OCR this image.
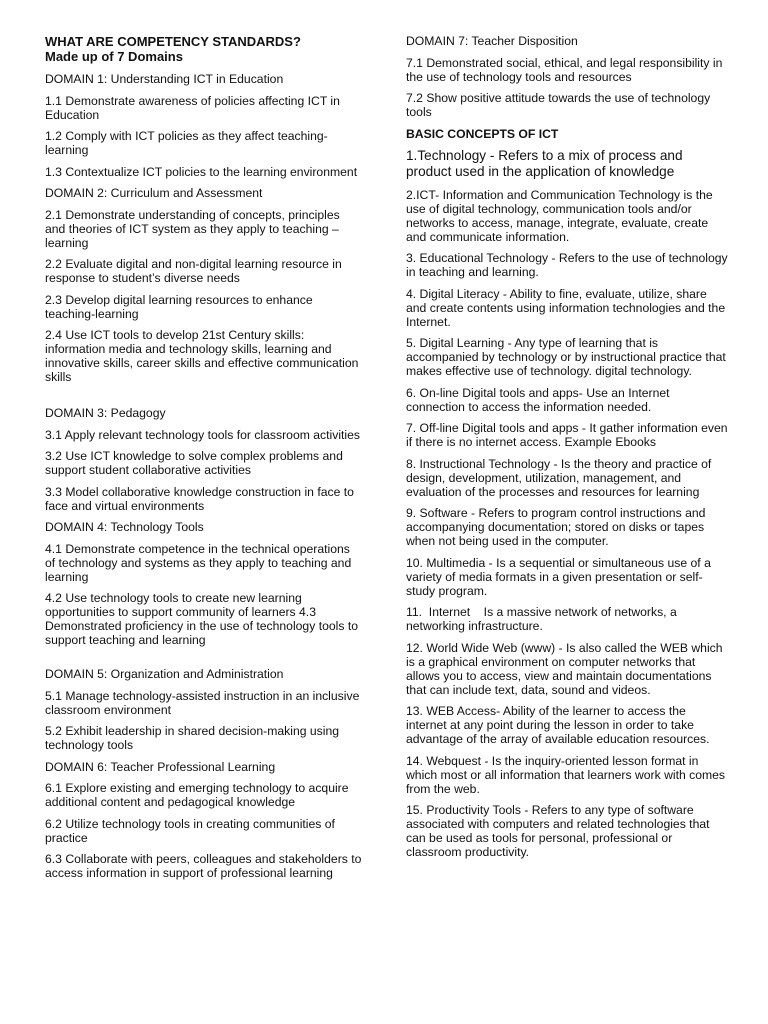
WHAT ARE COMPETENCY STANDARDS?
Made up of 7 Domains

DOMAIN 1: Understanding ICT in Education

1.1 Demonstrate awareness of policies affecting ICT in Education

1.2 Comply with ICT policies as they affect teaching-learning

1.3 Contextualize ICT policies to the learning environment

DOMAIN 2: Curriculum and Assessment

2.1 Demonstrate understanding of concepts, principles and theories of ICT system as they apply to teaching – learning

2.2 Evaluate digital and non-digital learning resource in response to student’s diverse needs

2.3 Develop digital learning resources to enhance teaching-learning

2.4 Use ICT tools to develop 21st Century skills: information media and technology skills, learning and innovative skills, career skills and effective communication skills

DOMAIN 3: Pedagogy

3.1 Apply relevant technology tools for classroom activities

3.2 Use ICT knowledge to solve complex problems and support student collaborative activities

3.3 Model collaborative knowledge construction in face to face and virtual environments

DOMAIN 4: Technology Tools

4.1 Demonstrate competence in the technical operations of technology and systems as they apply to teaching and learning

4.2 Use technology tools to create new learning opportunities to support community of learners 4.3 Demonstrated proficiency in the use of technology tools to support teaching and learning

DOMAIN 5: Organization and Administration

5.1 Manage technology-assisted instruction in an inclusive classroom environment

5.2 Exhibit leadership in shared decision-making using technology tools

DOMAIN 6: Teacher Professional Learning

6.1 Explore existing and emerging technology to acquire additional content and pedagogical knowledge

6.2 Utilize technology tools in creating communities of practice

6.3 Collaborate with peers, colleagues and stakeholders to access information in support of professional learning

DOMAIN 7: Teacher Disposition

7.1 Demonstrated social, ethical, and legal responsibility in the use of technology tools and resources

7.2 Show positive attitude towards the use of technology tools

BASIC CONCEPTS OF ICT

1.Technology - Refers to a mix of process and product used in the application of knowledge

2.ICT- Information and Communication Technology is the use of digital technology, communication tools and/or networks to access, manage, integrate, evaluate, create and communicate information.

3. Educational Technology - Refers to the use of technology in teaching and learning.

4. Digital Literacy - Ability to fine, evaluate, utilize, share and create contents using information technologies and the Internet.

5. Digital Learning - Any type of learning that is accompanied by technology or by instructional practice that makes effective use of technology. digital technology.

6. On-line Digital tools and apps- Use an Internet connection to access the information needed.

7. Off-line Digital tools and apps - It gather information even if there is no internet access. Example Ebooks

8. Instructional Technology - Is the theory and practice of design, development, utilization, management, and evaluation of the processes and resources for learning

9. Software - Refers to program control instructions and accompanying documentation; stored on disks or tapes when not being used in the computer.

10. Multimedia - Is a sequential or simultaneous use of a variety of media formats in a given presentation or self-study program.

11.  Internet    Is a massive network of networks, a networking infrastructure.

12. World Wide Web (www) - Is also called the WEB which is a graphical environment on computer networks that allows you to access, view and maintain documentations that can include text, data, sound and videos.

13. WEB Access- Ability of the learner to access the internet at any point during the lesson in order to take advantage of the array of available education resources.

14. Webquest - Is the inquiry-oriented lesson format in which most or all information that learners work with comes from the web.

15. Productivity Tools - Refers to any type of software associated with computers and related technologies that can be used as tools for personal, professional or classroom productivity.
